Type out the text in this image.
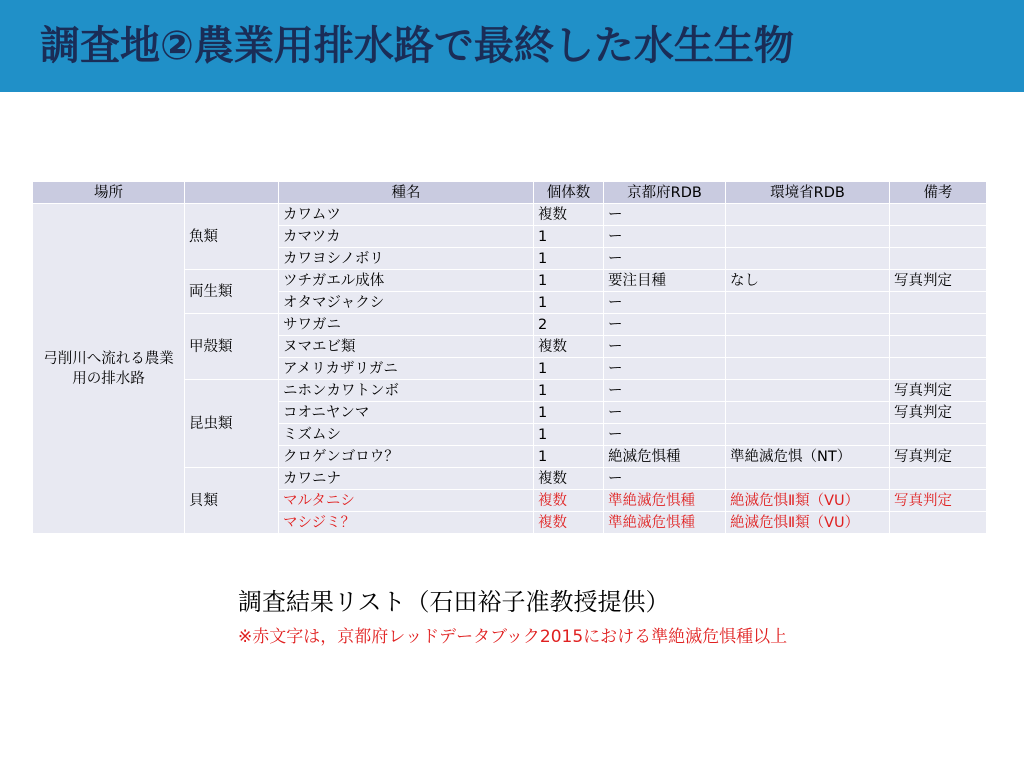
調査地②農業用排水路で最終した水生生物
場所		種名	個体数	京都府RDB	環境省RDB	備考
弓削川へ流れる農業用の排水路	魚類	カワムツ	複数	ー		
		カマツカ	1	ー		
		カワヨシノボリ	1	ー		
	両生類	ツチガエル成体	1	要注目種	なし	写真判定
		オタマジャクシ	1	ー		
	甲殻類	サワガニ	2	ー		
		ヌマエビ類	複数	ー		
		アメリカザリガニ	1	ー		
	昆虫類	ニホンカワトンボ	1	ー		写真判定
		コオニヤンマ	1	ー		写真判定
		ミズムシ	1	ー		
		クロゲンゴロウ？	1	絶滅危惧種	準絶滅危惧（NT）	写真判定
	貝類	カワニナ	複数	ー		
		マルタニシ	複数	準絶滅危惧種	絶滅危惧Ⅱ類（VU）	写真判定
		マシジミ？	複数	準絶滅危惧種	絶滅危惧Ⅱ類（VU）	
調査結果リスト（石田裕子准教授提供）
※赤文字は，京都府レッドデータブック2015における準絶滅危惧種以上
